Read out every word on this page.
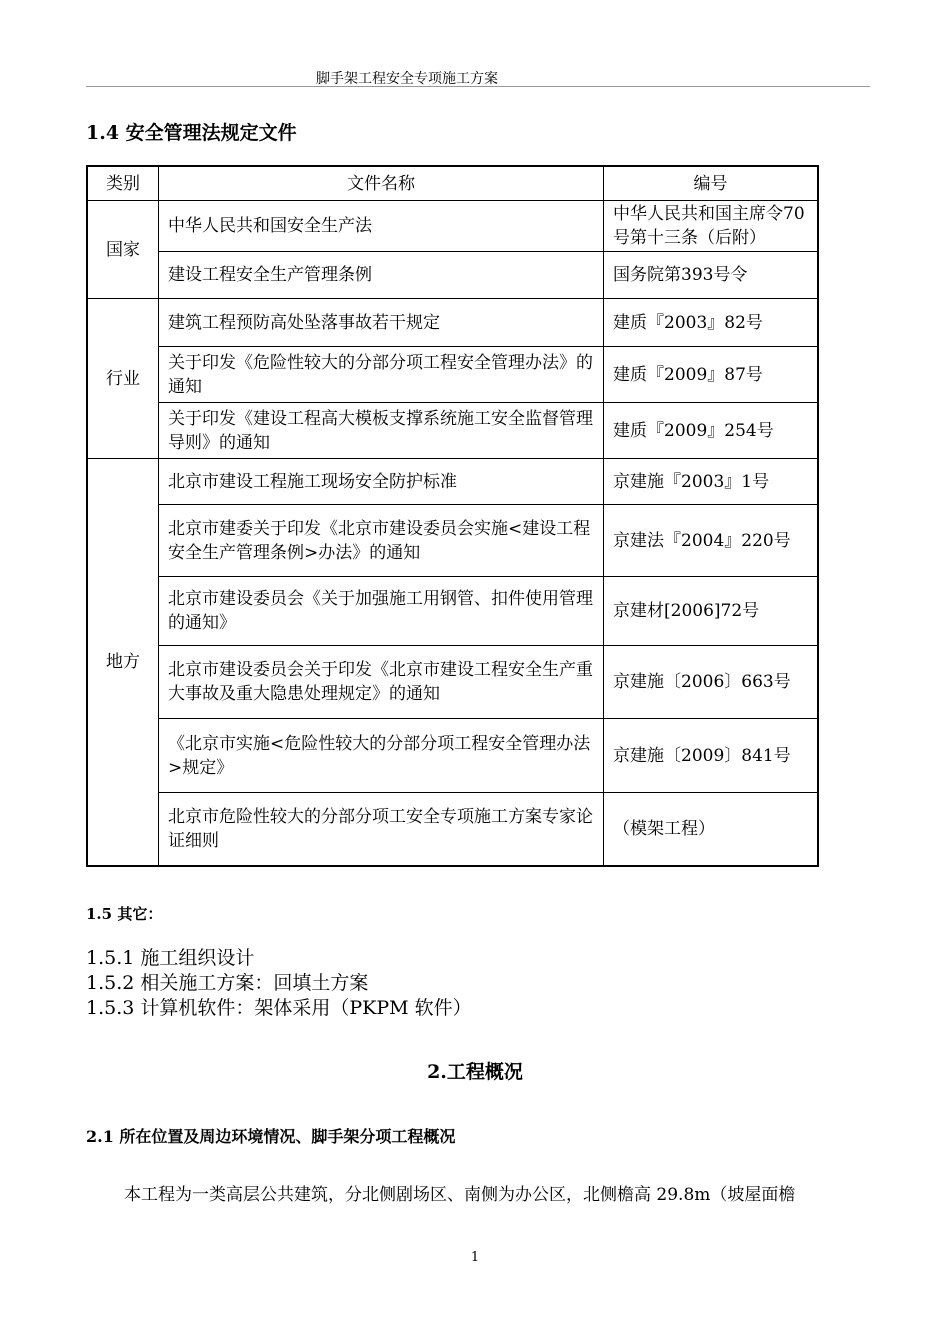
脚手架工程安全专项施工方案
1.4 安全管理法规定文件
类别	文件名称	编号
国家	中华人民共和国安全生产法	中华人民共和国主席令70号第十三条（后附）
	建设工程安全生产管理条例	国务院第393号令
行业	建筑工程预防高处坠落事故若干规定	建质『2003』82号
	关于印发《危险性较大的分部分项工程安全管理办法》的通知	建质『2009』87号
	关于印发《建设工程高大模板支撑系统施工安全监督管理导则》的通知	建质『2009』254号
地方	北京市建设工程施工现场安全防护标准	京建施『2003』1号
	北京市建委关于印发《北京市建设委员会实施<建设工程安全生产管理条例>办法》的通知	京建法『2004』220号
	北京市建设委员会《关于加强施工用钢管、扣件使用管理的通知》	京建材[2006]72号
	北京市建设委员会关于印发《北京市建设工程安全生产重大事故及重大隐患处理规定》的通知	京建施〔2006〕663号
	《北京市实施<危险性较大的分部分项工程安全管理办法>规定》	京建施〔2009〕841号
	北京市危险性较大的分部分项工安全专项施工方案专家论证细则	（模架工程）
1.5 其它：
1.5.1 施工组织设计
1.5.2 相关施工方案：回填土方案
1.5.3 计算机软件：架体采用（PKPM 软件）
2.工程概况
2.1 所在位置及周边环境情况、脚手架分项工程概况
本工程为一类高层公共建筑，分北侧剧场区、南侧为办公区，北侧檐高 29.8m（坡屋面檐
1
